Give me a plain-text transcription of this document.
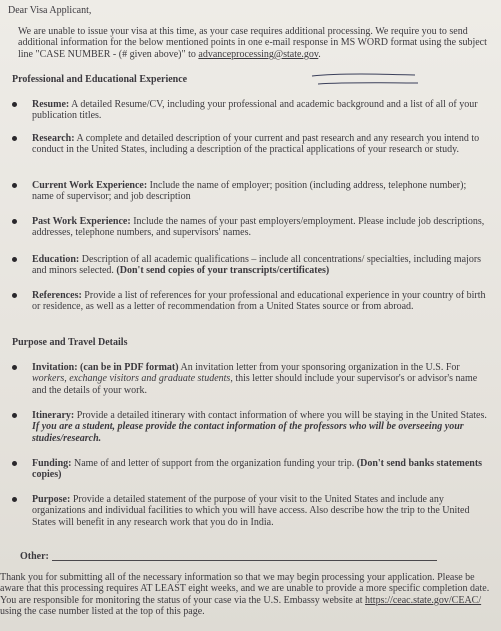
Dear Visa Applicant,
We are unable to issue your visa at this time, as your case requires additional processing. We require you to send additional information for the below mentioned points in one e-mail response in MS WORD format using the subject line "CASE NUMBER - (# given above)" to advanceprocessing@state.gov.
Professional and Educational Experience
Resume: A detailed Resume/CV, including your professional and academic background and a list of all of your publication titles.
Research: A complete and detailed description of your current and past research and any research you intend to conduct in the United States, including a description of the practical applications of your research or study.
Current Work Experience: Include the name of employer; position (including address, telephone number); name of supervisor; and job description
Past Work Experience: Include the names of your past employers/employment. Please include job descriptions, addresses, telephone numbers, and supervisors' names.
Education: Description of all academic qualifications – include all concentrations/ specialties, including majors and minors selected. (Don't send copies of your transcripts/certificates)
References: Provide a list of references for your professional and educational experience in your country of birth or residence, as well as a letter of recommendation from a United States source or from abroad.
Purpose and Travel Details
Invitation: (can be in PDF format) An invitation letter from your sponsoring organization in the U.S. For workers, exchange visitors and graduate students, this letter should include your supervisor's or advisor's name and the details of your work.
Itinerary: Provide a detailed itinerary with contact information of where you will be staying in the United States. If you are a student, please provide the contact information of the professors who will be overseeing your studies/research.
Funding: Name of and letter of support from the organization funding your trip. (Don't send banks statements copies)
Purpose: Provide a detailed statement of the purpose of your visit to the United States and include any organizations and individual facilities to which you will have access. Also describe how the trip to the United States will benefit in any research work that you do in India.
Other:
Thank you for submitting all of the necessary information so that we may begin processing your application. Please be aware that this processing requires AT LEAST eight weeks, and we are unable to provide a more specific completion date. You are responsible for monitoring the status of your case via the U.S. Embassy website at https://ceac.state.gov/CEAC/ using the case number listed at the top of this page.
